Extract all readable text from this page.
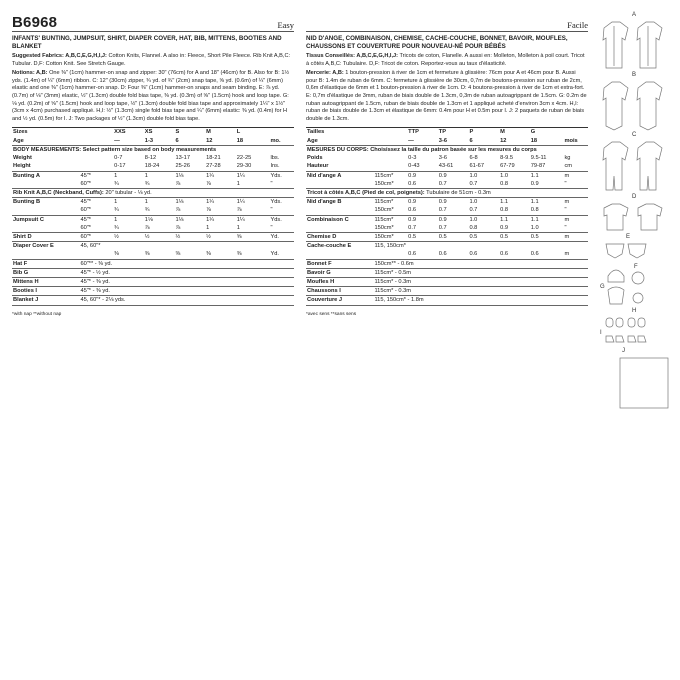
B6968	Easy
INFANTS' BUNTING, JUMPSUIT, SHIRT, DIAPER COVER, HAT, BIB, MITTENS, BOOTIES AND BLANKET
Suggested Fabrics: A,B,C,E,G,H,I,J: Cotton Knits, Flannel. A also in: Fleece, Short Pile Fleece. Rib Knit A,B,C: Tubular. D,F: Cotton Knit. See Stretch Gauge.
Notions: A,B: One ⅜" (1cm) hammer-on snap and zipper: 30" (76cm) for A and 18" (46cm) for B. Also for B: 1½ yds. (1.4m) of ¼" (6mm) ribbon. C: 12" (30cm) zipper, ¾ yd. of ¾" (2cm) snap tape, ⅝ yd. (0.6m) of ¼" (6mm) elastic and one ⅜" (1cm) hammer-on snap. D: Four ⅜" (1cm) hammer-on snaps and seam binding. E: ⅞ yd. (0.7m) of ⅛" (3mm) elastic, ½" (1.3cm) double fold bias tape, ⅜ yd. (0.3m) of ⅝" (1.5cm) hook and loop tape. G: ⅛ yd. (0.2m) of ⅝" (1.5cm) hook and loop tape, ½" (1.3cm) double fold bias tape and approximately 1¼" x 1½" (3cm x 4cm) purchased appliqué. H,I: ½" (1.3cm) single fold bias tape and ¼" (6mm) elastic: ⅜ yd. (0.4m) for H and ½ yd. (0.5m) for I. J: Two packages of ½" (1.3cm) double fold bias tape.
Sizes		XXS	XS	S	M	L	
Age		—	1-3	6	12	18	mo.
BODY MEASUREMENTS: Select pattern size based on body measurements							
Weight		0-7	8-12	13-17	18-21	22-25	lbs.
Height		0-17	18-24	25-26	27-28	29-30	Ins.
Bunting A	45"*	1	1	1⅛	1¼	1¼	Yds.
	60"*	¾	¾	⅞	⅞	1	"
Rib Knit A,B,C (Neckband, Cuffs): 20" tubular - ⅛ yd.							
Bunting B	45"*	1	1	1⅛	1¼	1¼	Yds.
	60"*	¾	¾	⅞	⅞	⅞	"
Jumpsuit C	45"*	1	1⅛	1⅛	1¼	1¼	Yds.
	60"*	¾	⅞	⅞	1	1	"
Shirt D	60"*	½	½	½	½	⅝	Yd.
Diaper Cover E	45, 60"*						
		⅜	⅜	⅜	⅜	⅜	Yd.
Hat F	60"** - ⅜ yd.						
Bib G	45"* - ½ yd.						
Mittens H	45"* - ⅜ yd.						
Booties I	45"* - ⅜ yd.						
Blanket J	45, 60"* - 2⅛ yds.						
*with nap **without nap
Facile
NID D'ANGE, COMBINAISON, CHEMISE, CACHE-COUCHE, BONNET, BAVOIR, MOUFLES, CHAUSSONS ET COUVERTURE POUR NOUVEAU-NÉ POUR BÉBÉS
Tissus Conseillés: A,B,C,E,G,H,I,J: Tricots de coton, Flanelle. A aussi en: Molleton, Molleton à poil court. Tricot à côtés A,B,C: Tubulaire. D,F: Tricot de coton. Reportez-vous au taux d'élasticité.
Mercerie: A,B: 1 bouton-pression à river de 1cm et fermeture à glissière: 76cm pour A et 46cm pour B. Aussi pour B: 1.4m de ruban de 6mm. C: fermeture à glissière de 30cm, 0,7m de boutons-pression sur ruban de 2cm, 0,6m d'élastique de 6mm et 1 bouton-pression à river de 1cm. D: 4 boutons-pression à river de 1cm et extra-fort. E: 0,7m d'élastique de 3mm, ruban de biais double de 1.3cm, 0,3m de ruban autoagrippant de 1.5cm. G: 0.2m de ruban autoagrippant de 1.5cm, ruban de biais double de 1.3cm et 1 appliqué acheté d'environ 3cm x 4cm. H,I: ruban de biais double de 1.3cm et élastique de 6mm: 0.4m pour H et 0.5m pour I. J: 2 paquets de ruban de biais double de 1.3cm.
Tailles		TTP	TP	P	M	G	
Age		—	3-6	6	12	18	mois
MESURES DU CORPS: Choisissez la taille du patron basée sur les mesures du corps							
Poids		0-3	3-6	6-8	8-9.5	9.5-11	kg
Hauteur		0-43	43-61	61-67	67-79	79-87	cm
Nid d'ange A	115cm*	0.9	0.9	1.0	1.0	1.1	m
	150cm*	0.6	0.7	0.7	0.8	0.9	"
Tricot à côtés A,B,C (Pied de col, poignets): Tubulaire de 51cm - 0.3m							
Nid d'ange B	115cm*	0.9	0.9	1.0	1.1	1.1	m
	150cm*	0.6	0.7	0.7	0.8	0.8	"
Combinaison C	115cm*	0.9	0.9	1.0	1.1	1.1	m
	150cm*	0.7	0.7	0.8	0.9	1.0	"
Chemise D	150cm*	0.5	0.5	0.5	0.5	0.5	m
Cache-couche E	115, 150cm*						
		0.6	0.6	0.6	0.6	0.6	m
Bonnet F	150cm** - 0.6m						
Bavoir G	115cm* - 0.5m						
Moufles H	115cm* - 0.3m						
Chaussons I	115cm* - 0.3m						
Couverture J	115, 150cm* - 1.8m						
*avec sens **sans sens
A
B
C
D
E
F
G
H
I
J
